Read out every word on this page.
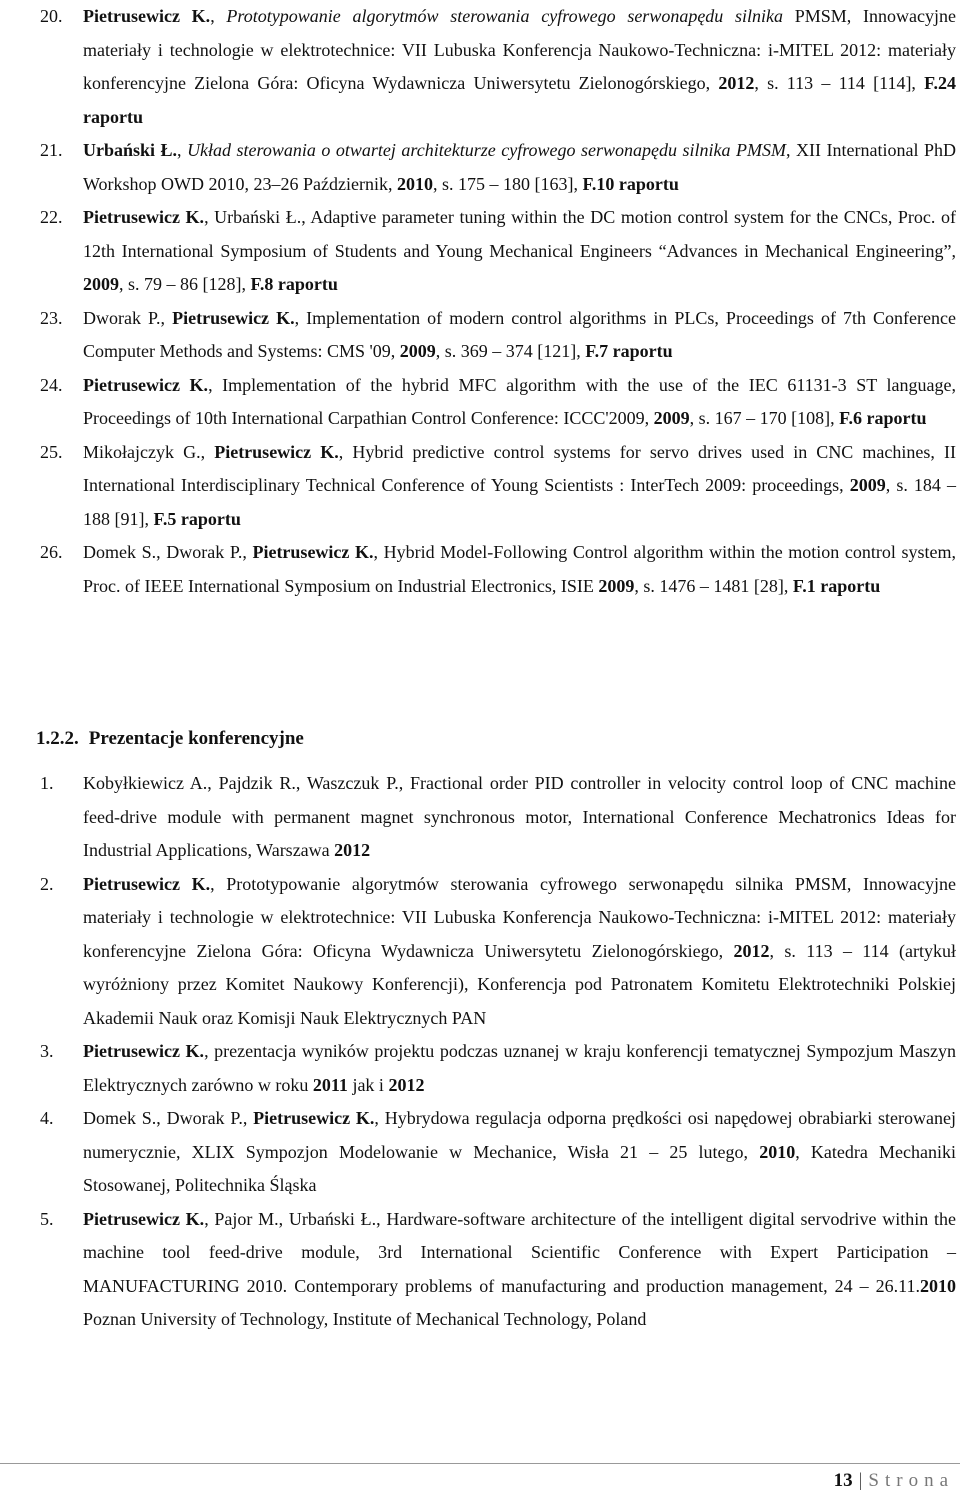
20. Pietrusewicz K., Prototypowanie algorytmów sterowania cyfrowego serwonapędu silnika PMSM, Innowacyjne materiały i technologie w elektrotechnice: VII Lubuska Konferencja Naukowo-Techniczna: i-MITEL 2012: materiały konferencyjne Zielona Góra: Oficyna Wydawnicza Uniwersytetu Zielonogórskiego, 2012, s. 113 – 114 [114], F.24 raportu
21. Urbański Ł., Układ sterowania o otwartej architekturze cyfrowego serwonapędu silnika PMSM, XII International PhD Workshop OWD 2010, 23–26 Październik, 2010, s. 175 – 180 [163], F.10 raportu
22. Pietrusewicz K., Urbański Ł., Adaptive parameter tuning within the DC motion control system for the CNCs, Proc. of 12th International Symposium of Students and Young Mechanical Engineers “Advances in Mechanical Engineering”, 2009, s. 79 – 86 [128], F.8 raportu
23. Dworak P., Pietrusewicz K., Implementation of modern control algorithms in PLCs, Proceedings of 7th Conference Computer Methods and Systems: CMS '09, 2009, s. 369 – 374 [121], F.7 raportu
24. Pietrusewicz K., Implementation of the hybrid MFC algorithm with the use of the IEC 61131-3 ST language, Proceedings of 10th International Carpathian Control Conference: ICCC'2009, 2009, s. 167 – 170 [108], F.6 raportu
25. Mikołajczyk G., Pietrusewicz K., Hybrid predictive control systems for servo drives used in CNC machines, II International Interdisciplinary Technical Conference of Young Scientists : InterTech 2009: proceedings, 2009, s. 184 – 188 [91], F.5 raportu
26. Domek S., Dworak P., Pietrusewicz K., Hybrid Model-Following Control algorithm within the motion control system, Proc. of IEEE International Symposium on Industrial Electronics, ISIE 2009, s. 1476 – 1481 [28], F.1 raportu
1.2.2. Prezentacje konferencyjne
1. Kobyłkiewicz A., Pajdzik R., Waszczuk P., Fractional order PID controller in velocity control loop of CNC machine feed-drive module with permanent magnet synchronous motor, International Conference Mechatronics Ideas for Industrial Applications, Warszawa 2012
2. Pietrusewicz K., Prototypowanie algorytmów sterowania cyfrowego serwonapędu silnika PMSM, Innowacyjne materiały i technologie w elektrotechnice: VII Lubuska Konferencja Naukowo-Techniczna: i-MITEL 2012: materiały konferencyjne Zielona Góra: Oficyna Wydawnicza Uniwersytetu Zielonogórskiego, 2012, s. 113 – 114 (artykuł wyróżniony przez Komitet Naukowy Konferencji), Konferencja pod Patronatem Komitetu Elektrotechniki Polskiej Akademii Nauk oraz Komisji Nauk Elektrycznych PAN
3. Pietrusewicz K., prezentacja wyników projektu podczas uznanej w kraju konferencji tematycznej Sympozjum Maszyn Elektrycznych zarówno w roku 2011 jak i 2012
4. Domek S., Dworak P., Pietrusewicz K., Hybrydowa regulacja odporna prędkości osi napędowej obrabiarki sterowanej numerycznie, XLIX Sympozjon Modelowanie w Mechanice, Wisła 21 – 25 lutego, 2010, Katedra Mechaniki Stosowanej, Politechnika Śląska
5. Pietrusewicz K., Pajor M., Urbański Ł., Hardware-software architecture of the intelligent digital servodrive within the machine tool feed-drive module, 3rd International Scientific Conference with Expert Participation – MANUFACTURING 2010. Contemporary problems of manufacturing and production management, 24 – 26.11.2010 Poznan University of Technology, Institute of Mechanical Technology, Poland
13 | Strona
